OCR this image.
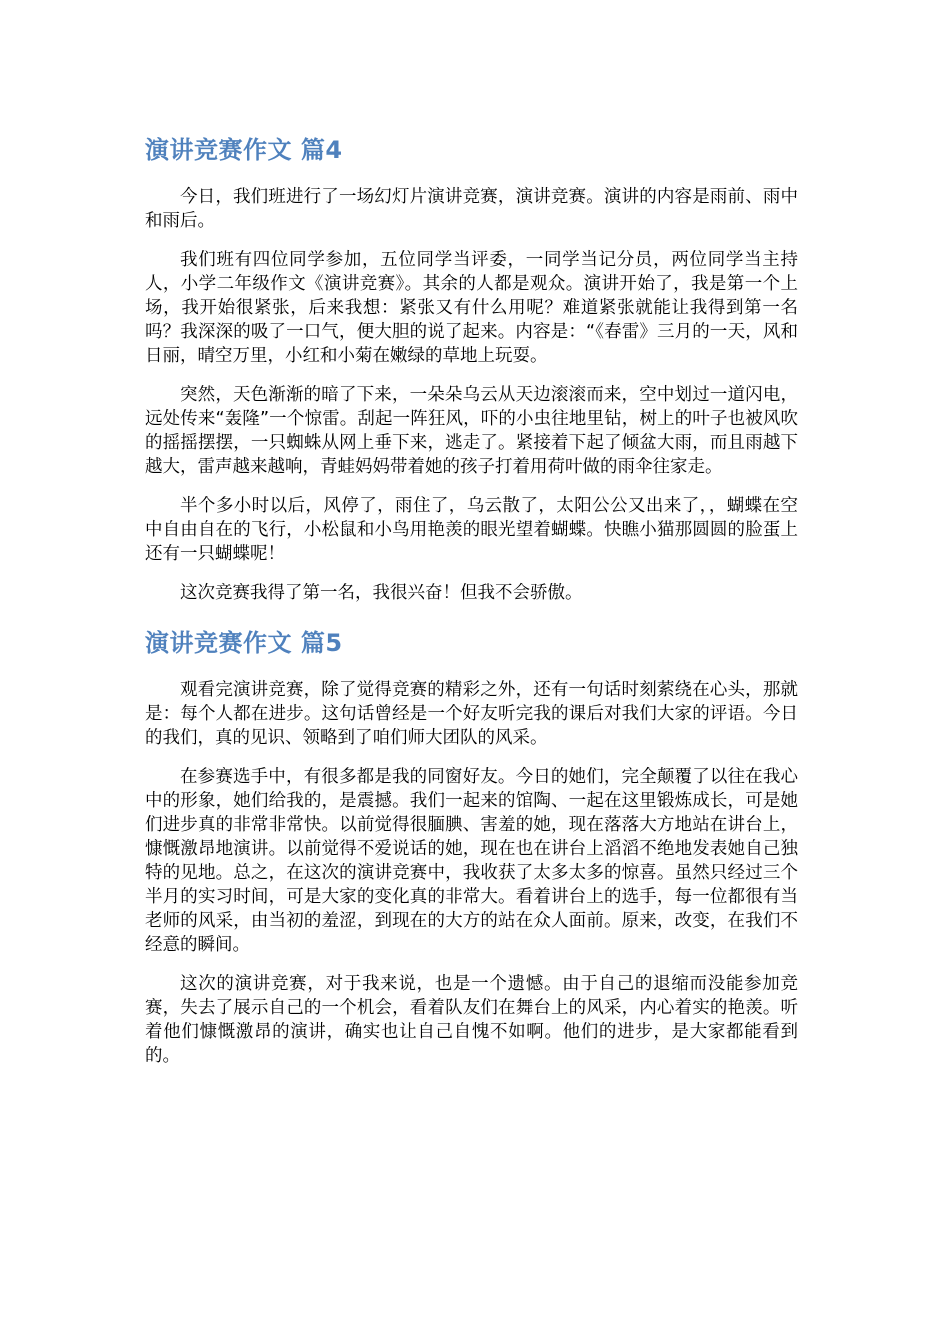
演讲竞赛作文 篇4

今日，我们班进行了一场幻灯片演讲竞赛，演讲竞赛。演讲的内容是雨前、雨中和雨后。

我们班有四位同学参加，五位同学当评委，一同学当记分员，两位同学当主持人，小学二年级作文《演讲竞赛》。其余的人都是观众。演讲开始了，我是第一个上场，我开始很紧张，后来我想：紧张又有什么用呢？难道紧张就能让我得到第一名吗？我深深的吸了一口气，便大胆的说了起来。内容是：“《春雷》三月的一天，风和日丽，晴空万里，小红和小菊在嫩绿的草地上玩耍。

突然，天色渐渐的暗了下来，一朵朵乌云从天边滚滚而来，空中划过一道闪电，远处传来“轰隆”一个惊雷。刮起一阵狂风，吓的小虫往地里钻，树上的叶子也被风吹的摇摇摆摆，一只蜘蛛从网上垂下来，逃走了。紧接着下起了倾盆大雨，而且雨越下越大，雷声越来越响，青蛙妈妈带着她的孩子打着用荷叶做的雨伞往家走。

半个多小时以后，风停了，雨住了，乌云散了，太阳公公又出来了，，蝴蝶在空中自由自在的飞行，小松鼠和小鸟用艳羡的眼光望着蝴蝶。快瞧小猫那圆圆的脸蛋上还有一只蝴蝶呢！

这次竞赛我得了第一名，我很兴奋！但我不会骄傲。

演讲竞赛作文 篇5

观看完演讲竞赛，除了觉得竞赛的精彩之外，还有一句话时刻萦绕在心头，那就是：每个人都在进步。这句话曾经是一个好友听完我的课后对我们大家的评语。今日的我们，真的见识、领略到了咱们师大团队的风采。

在参赛选手中，有很多都是我的同窗好友。今日的她们，完全颠覆了以往在我心中的形象，她们给我的，是震撼。我们一起来的馆陶、一起在这里锻炼成长，可是她们进步真的非常非常快。以前觉得很腼腆、害羞的她，现在落落大方地站在讲台上，慷慨激昂地演讲。以前觉得不爱说话的她，现在也在讲台上滔滔不绝地发表她自己独特的见地。总之，在这次的演讲竞赛中，我收获了太多太多的惊喜。虽然只经过三个半月的实习时间，可是大家的变化真的非常大。看着讲台上的选手，每一位都很有当老师的风采，由当初的羞涩，到现在的大方的站在众人面前。原来，改变，在我们不经意的瞬间。

这次的演讲竞赛，对于我来说，也是一个遗憾。由于自己的退缩而没能参加竞赛，失去了展示自己的一个机会，看着队友们在舞台上的风采，内心着实的艳羡。听着他们慷慨激昂的演讲，确实也让自己自愧不如啊。他们的进步，是大家都能看到的。
